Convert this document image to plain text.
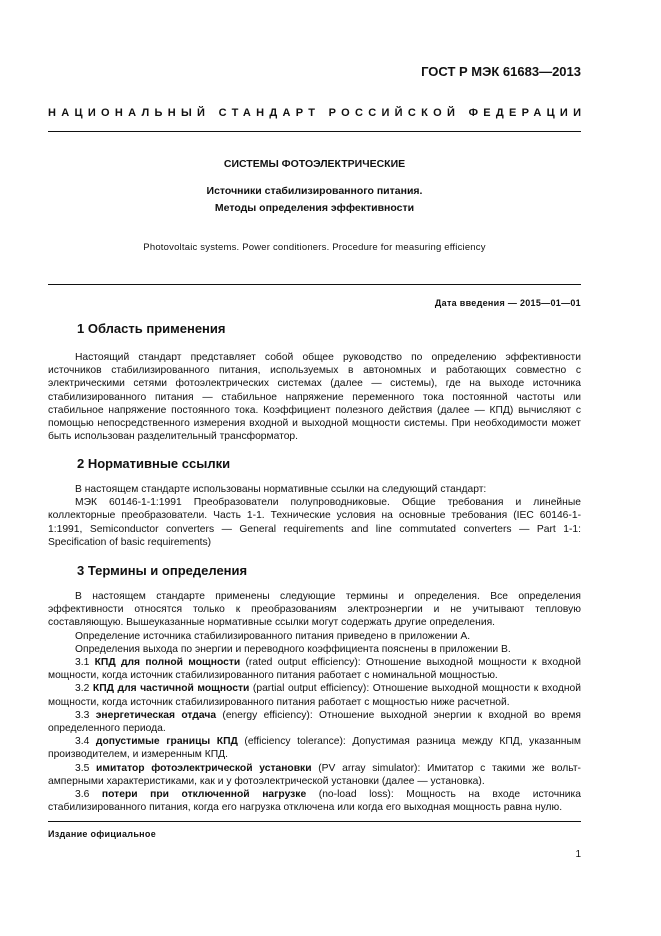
ГОСТ Р МЭК 61683—2013
НАЦИОНАЛЬНЫЙ СТАНДАРТ РОССИЙСКОЙ ФЕДЕРАЦИИ
СИСТЕМЫ ФОТОЭЛЕКТРИЧЕСКИЕ
Источники стабилизированного питания.
Методы определения эффективности
Photovoltaic systems. Power conditioners. Procedure for measuring efficiency
Дата введения — 2015—01—01
1 Область применения

Настоящий стандарт представляет собой общее руководство по определению эффективности источников стабилизированного питания, используемых в автономных и работающих совместно с электрическими сетями фотоэлектрических системах (далее — системы), где на выходе источника стабилизированного питания — стабильное напряжение переменного тока постоянной частоты или стабильное напряжение постоянного тока. Коэффициент полезного действия (далее — КПД) вычисляют с помощью непосредственного измерения входной и выходной мощности системы. При необходимости может быть использован разделительный трансформатор.

2 Нормативные ссылки

В настоящем стандарте использованы нормативные ссылки на следующий стандарт:

МЭК 60146-1-1:1991 Преобразователи полупроводниковые. Общие требования и линейные коллекторные преобразователи. Часть 1-1. Технические условия на основные требования (IEC 60146-1-1:1991, Semiconductor converters — General requirements and line commutated converters — Part 1-1: Specification of basic requirements)

3 Термины и определения

В настоящем стандарте применены следующие термины и определения. Все определения эффективности относятся только к преобразованиям электроэнергии и не учитывают тепловую составляющую. Вышеуказанные нормативные ссылки могут содержать другие определения.

Определение источника стабилизированного питания приведено в приложении А.

Определения выхода по энергии и переводного коэффициента пояснены в приложении В.

3.1 КПД для полной мощности (rated output efficiency): Отношение выходной мощности к входной мощности, когда источник стабилизированного питания работает с номинальной мощностью.

3.2 КПД для частичной мощности (partial output efficiency): Отношение выходной мощности к входной мощности, когда источник стабилизированного питания работает с мощностью ниже расчетной.

3.3 энергетическая отдача (energy efficiency): Отношение выходной энергии к входной во время определенного периода.

3.4 допустимые границы КПД (efficiency tolerance): Допустимая разница между КПД, указанным производителем, и измеренным КПД.

3.5 имитатор фотоэлектрической установки (PV array simulator): Имитатор с такими же вольт-амперными характеристиками, как и у фотоэлектрической установки (далее — установка).

3.6 потери при отключенной нагрузке (no-load loss): Мощность на входе источника стабилизированного питания, когда его нагрузка отключена или когда его выходная мощность равна нулю.

Издание официальное
1
